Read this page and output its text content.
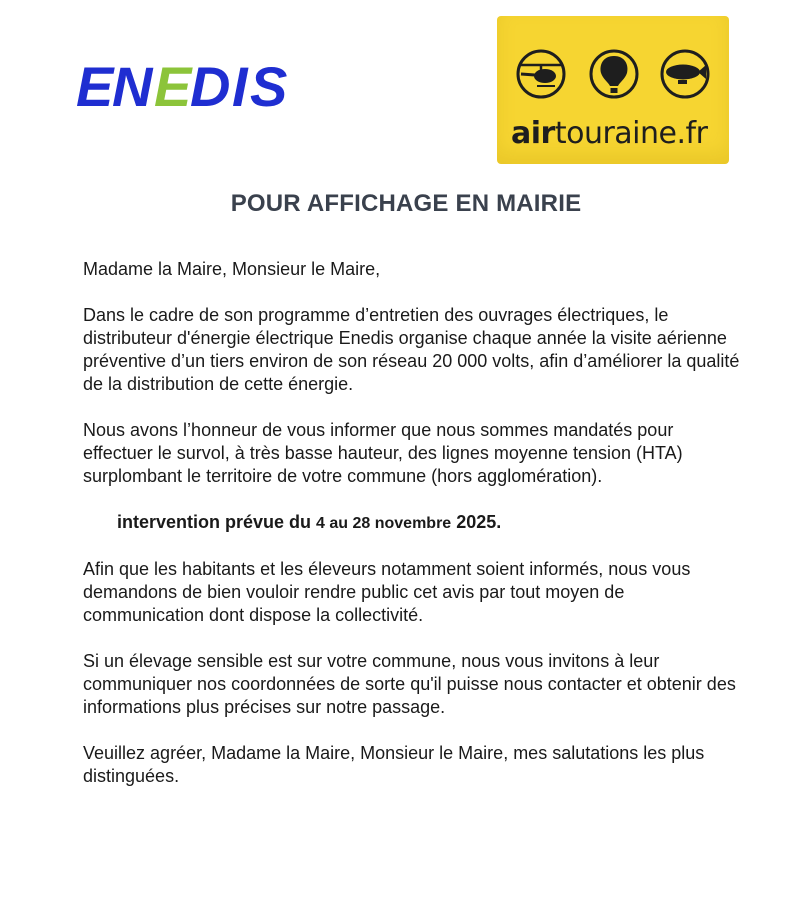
E
N E
D I S
airtouraine.fr
POUR AFFICHAGE EN MAIRIE

Madame la Maire, Monsieur le Maire,

Dans le cadre de son programme d’entretien des ouvrages électriques, le distributeur d'énergie électrique Enedis organise chaque année la visite aérienne préventive d’un tiers environ de son réseau 20 000 volts, afin d’améliorer la qualité de la distribution de cette énergie.

Nous avons l’honneur de vous informer que nous sommes mandatés pour effectuer le survol, à très basse hauteur, des lignes moyenne tension (HTA) surplombant le territoire de votre commune (hors agglomération).

intervention prévue du 4 au 28 novembre 2025.

Afin que les habitants et les éleveurs notamment soient informés, nous vous demandons de bien vouloir rendre public cet avis par tout moyen de communication dont dispose la collectivité.

Si un élevage sensible est sur votre commune, nous vous invitons à leur communiquer nos coordonnées de sorte qu'il puisse nous contacter et obtenir des informations plus précises sur notre passage.

Veuillez agréer, Madame la Maire, Monsieur le Maire, mes salutations les plus distinguées.
